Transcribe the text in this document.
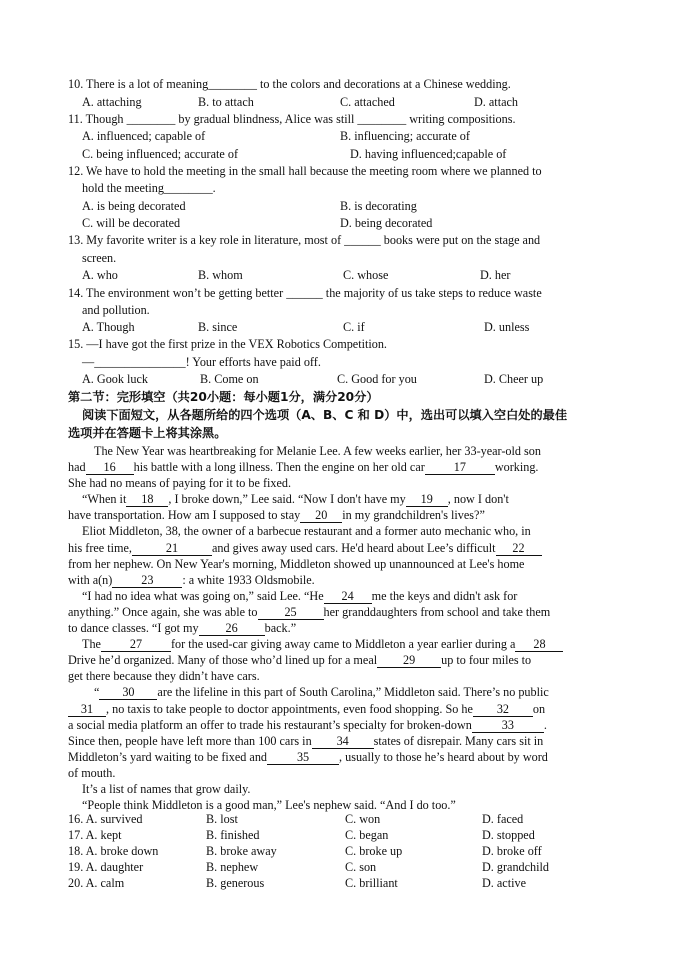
10. There is a lot of meaning________ to the colors and decorations at a Chinese wedding.
A. attaching	B. to attach	C. attached	D. attach
11. Though ________ by gradual blindness, Alice was still ________ writing compositions.
A. influenced; capable of	B. influencing; accurate of
C. being influenced; accurate of	D. having influenced;capable of
12. We have to hold the meeting in the small hall because the meeting room where we planned to
hold the meeting________.
A. is being decorated	B. is decorating
C. will be decorated	D. being decorated
13. My favorite writer is a key role in literature, most of ______ books were put on the stage and
screen.
A. who	B. whom	C. whose	D. her
14. The environment won’t be getting better ______ the majority of us take steps to reduce waste
and pollution.
A. Though	B. since	C. if	D. unless
15. —I have got the first prize in the VEX Robotics Competition.
—_______________! Your efforts have paid off.
A. Gook luck	B. Come on	C. Good for you	D. Cheer up
第二节：完形填空（共20小题：每小题1分，满分20分）
阅读下面短文，从各题所给的四个选项（A、B、C 和 D）中，选出可以填入空白处的最佳
选项并在答题卡上将其涂黑。
The New Year was heartbreaking for Melanie Lee. A few weeks earlier, her 33-year-old son
had 16 his battle with a long illness. Then the engine on her old car 17 working.
She had no means of paying for it to be fixed.
“When it 18 , I broke down,” Lee said. “Now I don't have my 19 , now I don't
have transportation. How am I supposed to stay 20 in my grandchildren's lives?”
Eliot Middleton, 38, the owner of a barbecue restaurant and a former auto mechanic who, in
his free time,	21	and gives away used cars. He'd heard about Lee’s difficult 22
from her nephew. On New Year's morning, Middleton showed up unannounced at Lee's home
with a(n) 23 : a white 1933 Oldsmobile.
“I had no idea what was going on,” said Lee. “He 24 me the keys and didn't ask for
anything.” Once again, she was able to 25 her granddaughters from school and take them
to dance classes. “I got my 26 back.”
The 27 for the used-car giving away came to Middleton a year earlier during a 28
Drive he’d organized. Many of those who’d lined up for a meal 29 up to four miles to
get there because they didn’t have cars.
“ 30 are the lifeline in this part of South Carolina,” Middleton said. There’s no public
31 , no taxis to take people to doctor appointments, even food shopping. So he 32 on
a social media platform an offer to trade his restaurant’s specialty for broken-down 33 .
Since then, people have left more than 100 cars in 34 states of disrepair. Many cars sit in
Middleton’s yard waiting to be fixed and 35 , usually to those he’s heard about by word
of mouth.
It’s a list of names that grow daily.
“People think Middleton is a good man,” Lee's nephew said. “And I do too.”
16. A. survived	B. lost	C. won	D. faced
17. A. kept	B. finished	C. began	D. stopped
18. A. broke down	B. broke away	C. broke up	D. broke off
19. A. daughter	B. nephew	C. son	D. grandchild
20. A. calm	B. generous	C. brilliant	D. active
